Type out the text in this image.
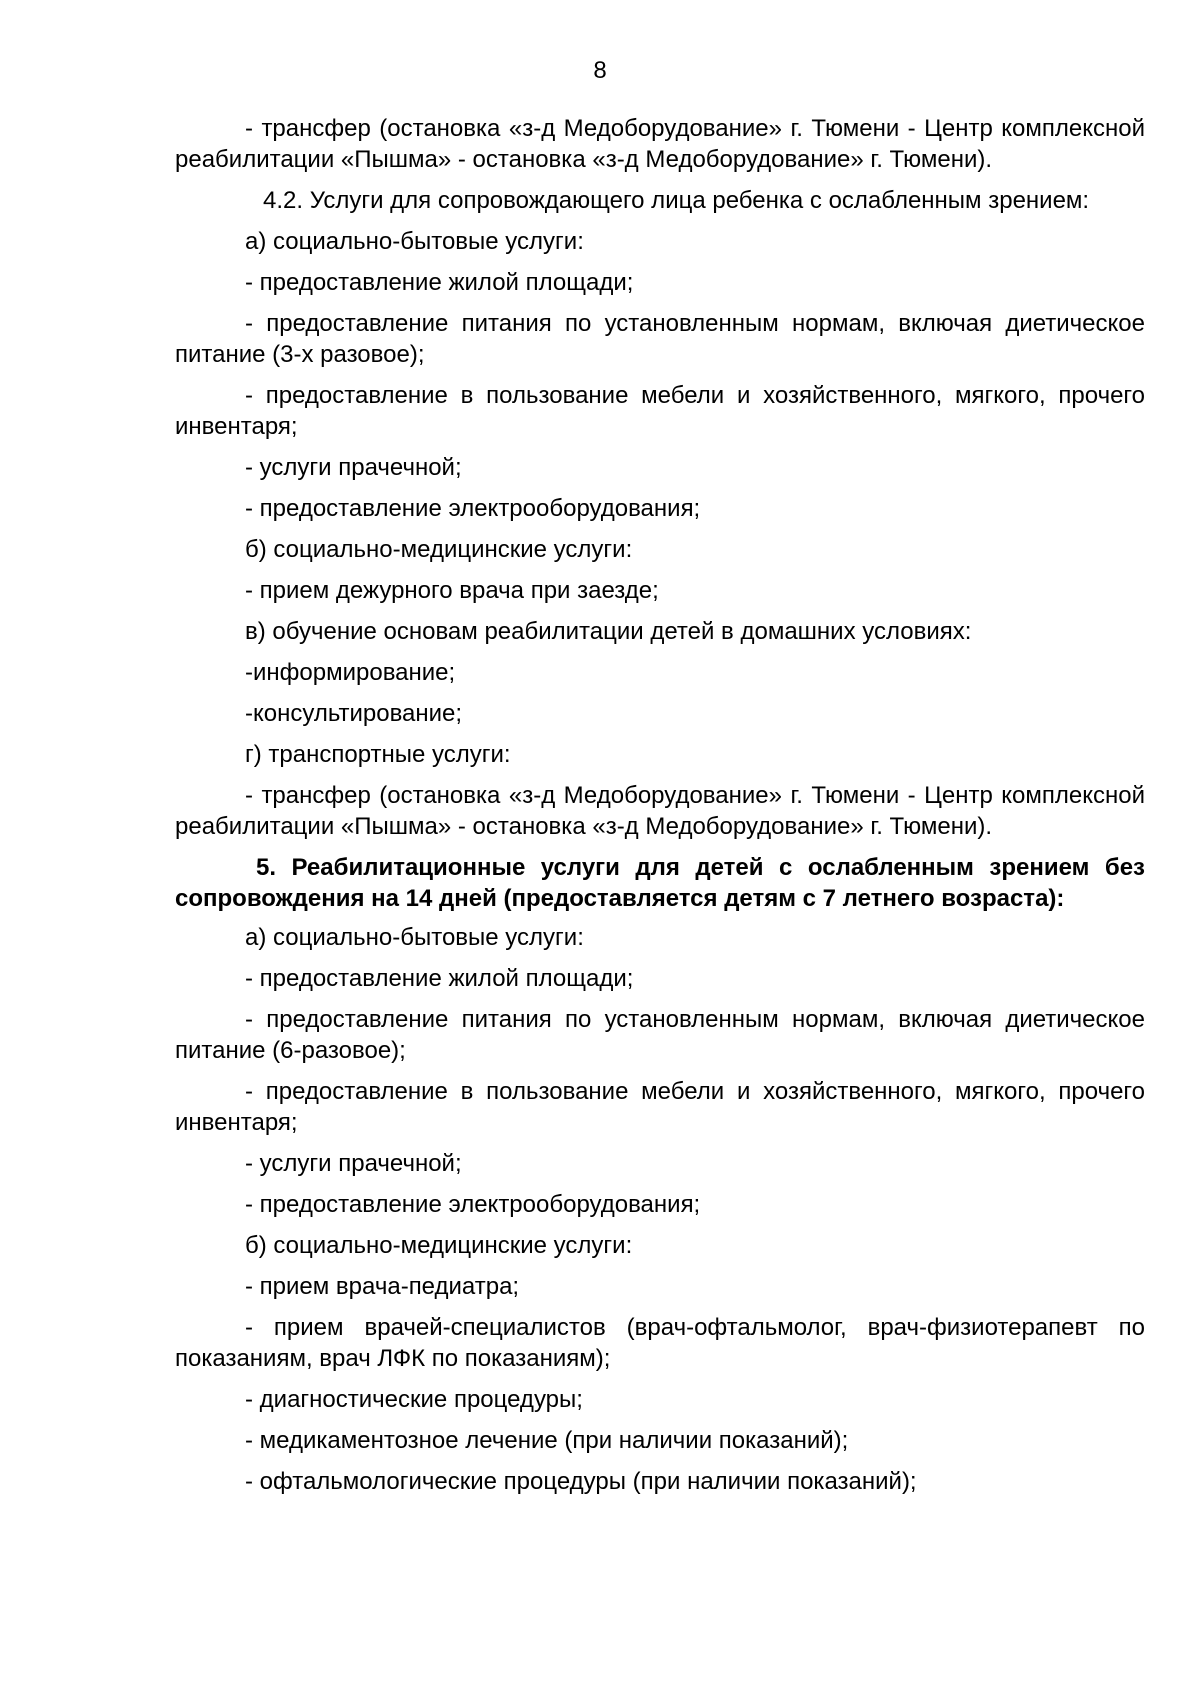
8
- трансфер (остановка «з-д Медоборудование» г. Тюмени - Центр комплексной реабилитации «Пышма» - остановка «з-д Медоборудование» г. Тюмени).
4.2. Услуги для сопровождающего лица ребенка с ослабленным зрением:
а) социально-бытовые услуги:
- предоставление жилой площади;
- предоставление питания по установленным нормам, включая диетическое питание (3-х разовое);
- предоставление в пользование мебели и хозяйственного, мягкого, прочего инвентаря;
- услуги прачечной;
- предоставление электрооборудования;
б) социально-медицинские услуги:
- прием дежурного врача при заезде;
в) обучение основам реабилитации детей в домашних условиях:
-информирование;
-консультирование;
г) транспортные услуги:
- трансфер (остановка «з-д Медоборудование» г. Тюмени - Центр комплексной реабилитации «Пышма» - остановка «з-д Медоборудование» г. Тюмени).
5. Реабилитационные услуги для детей с ослабленным зрением без сопровождения на 14 дней (предоставляется детям с 7 летнего возраста):
а) социально-бытовые услуги:
- предоставление жилой площади;
- предоставление питания по установленным нормам, включая диетическое питание (6-разовое);
- предоставление в пользование мебели и хозяйственного, мягкого, прочего инвентаря;
- услуги прачечной;
- предоставление электрооборудования;
б) социально-медицинские услуги:
- прием врача-педиатра;
- прием врачей-специалистов (врач-офтальмолог, врач-физиотерапевт по показаниям, врач ЛФК по показаниям);
- диагностические процедуры;
- медикаментозное лечение (при наличии показаний);
- офтальмологические процедуры (при наличии показаний);
